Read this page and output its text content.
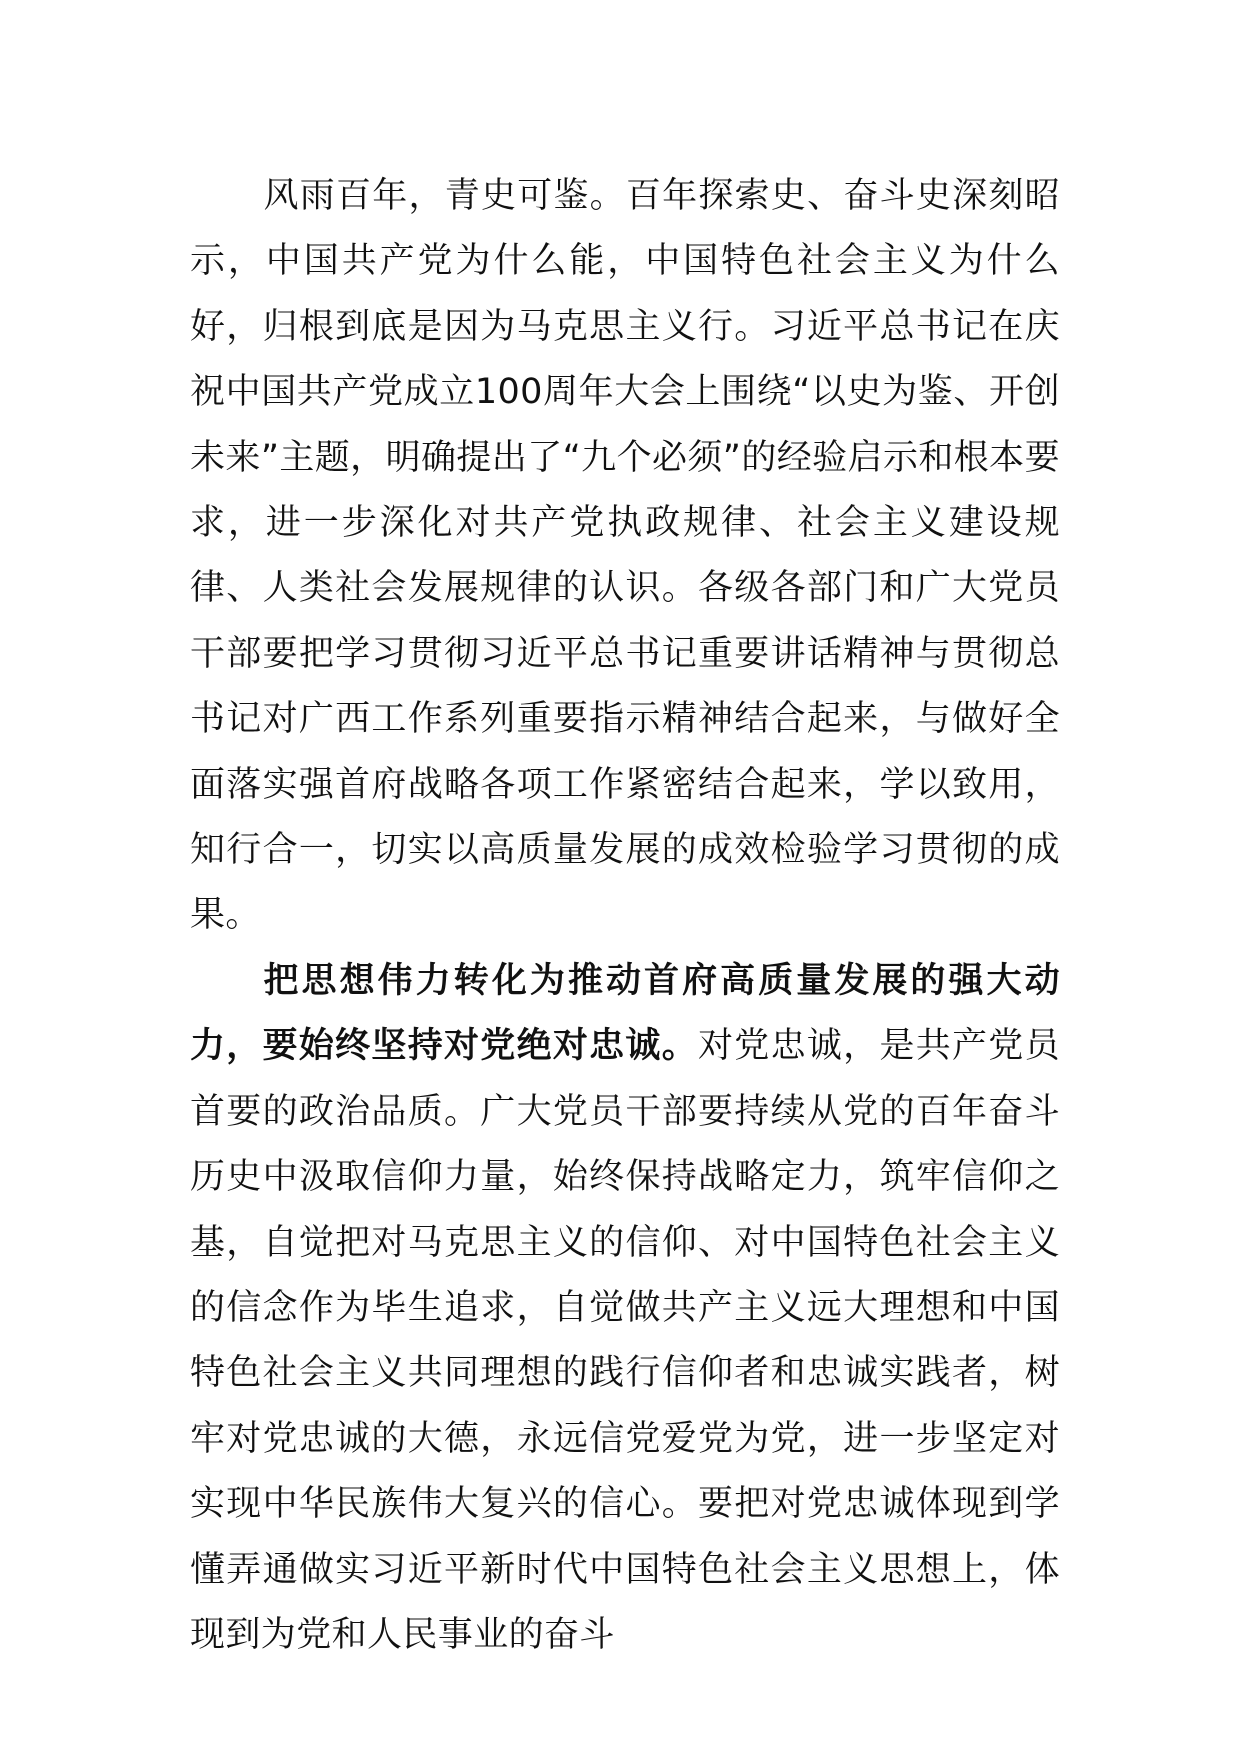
风雨百年，青史可鉴。百年探索史、奋斗史深刻昭示，中国共产党为什么能，中国特色社会主义为什么好，归根到底是因为马克思主义行。习近平总书记在庆祝中国共产党成立100周年大会上围绕“以史为鉴、开创未来”主题，明确提出了“九个必须”的经验启示和根本要求，进一步深化对共产党执政规律、社会主义建设规律、人类社会发展规律的认识。各级各部门和广大党员干部要把学习贯彻习近平总书记重要讲话精神与贯彻总书记对广西工作系列重要指示精神结合起来，与做好全面落实强首府战略各项工作紧密结合起来，学以致用，知行合一，切实以高质量发展的成效检验学习贯彻的成果。

把思想伟力转化为推动首府高质量发展的强大动力，要始终坚持对党绝对忠诚。对党忠诚，是共产党员首要的政治品质。广大党员干部要持续从党的百年奋斗历史中汲取信仰力量，始终保持战略定力，筑牢信仰之基，自觉把对马克思主义的信仰、对中国特色社会主义的信念作为毕生追求，自觉做共产主义远大理想和中国特色社会主义共同理想的践行信仰者和忠诚实践者，树牢对党忠诚的大德，永远信党爱党为党，进一步坚定对实现中华民族伟大复兴的信心。要把对党忠诚体现到学懂弄通做实习近平新时代中国特色社会主义思想上，体现到为党和人民事业的奋斗
